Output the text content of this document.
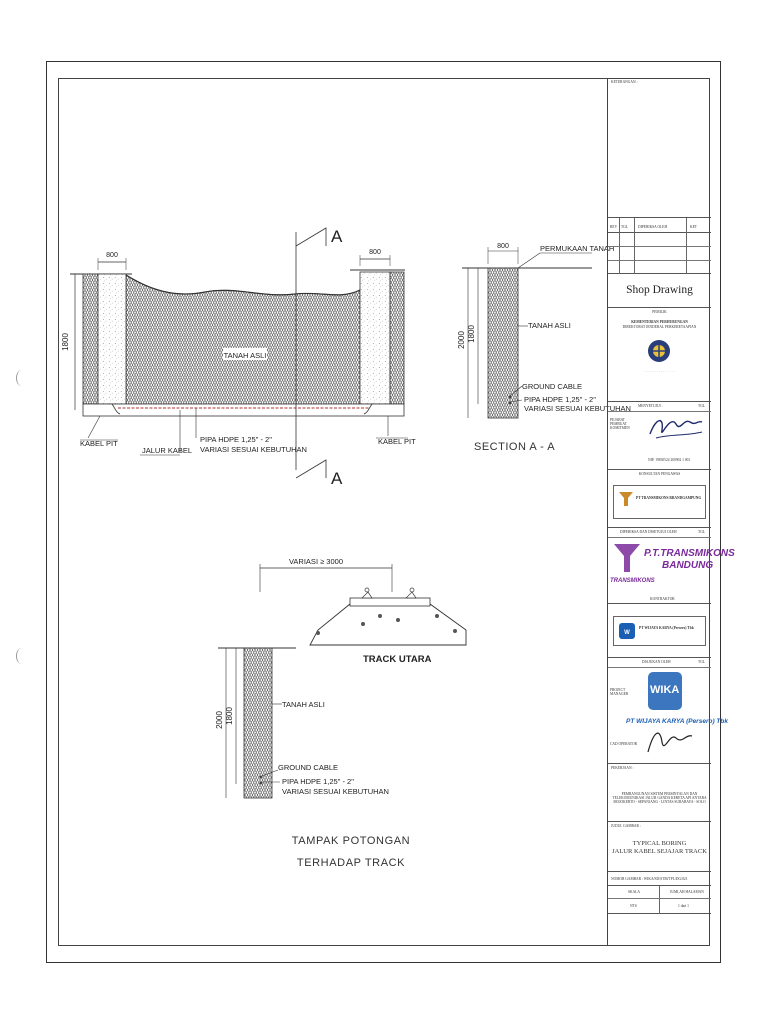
800	800
1800
A
A
TANAH ASLI
KABEL PIT
JALUR KABEL
PIPA HDPE 1,25" - 2"
VARIASI SESUAI KEBUTUHAN
KABEL PIT
PERMUKAAN TANAH
800
2000 1800	TANAH ASLI
GROUND CABLE
PIPA HDPE 1,25" - 2"
VARIASI SESUAI KEBUTUHAN
SECTION A - A
VARIASI ≥ 3000
TRACK UTARA
2000 1800
TANAH ASLI
GROUND CABLE
PIPA HDPE 1,25" - 2"
VARIASI SESUAI KEBUTUHAN
TAMPAK POTONGAN
TERHADAP TRACK
KETERANGAN :
REV TGL	DIPERIKSA OLEH	KET
Shop Drawing
PEMILIK
KEMENTERIAN PERHUBUNGAN
DIREKTORAT JENDERAL PERKERETAAPIAN
· · · · · · · · · · · · · · ·
MENYETUJUI :	TGL
PEJABAT PEMBUAT KOMITMEN
NIP. 19830524 200902 1 001
KONSULTAN PENGAWAS
PT TRANSMIKONS BRANDGAMPUNG
DIPERIKSA DAN DISETUJUI OLEH	TGL
P.T.TRANSMIKONS
BANDUNG
TRANSMIKONS
KONTRAKTOR
W
PT WIJAYA KARYA (Persero) Tbk
DIAJUKAN OLEH	TGL
PROJECT MANAGER
CAD OPERATOR
WIKA
PT WIJAYA KARYA (Persero) Tbk
PEKERJAAN :
PEMBANGUNAN SISTEM PERSINYALAN DAN TELEKOMUNIKASI JALUR GANDA KERETA API ANTARA MOJOKERTO - SEPANJANG - LINTAS SURABAYA - SOLO
JUDUL GAMBAR :
TYPICAL BORING
JALUR KABEL SEJAJAR TRACK
NOMOR GAMBAR : WIKA/SD/STM/TPL/DG/021
SKALA	JUMLAH HALAMAN
NTS	1 dari 1
